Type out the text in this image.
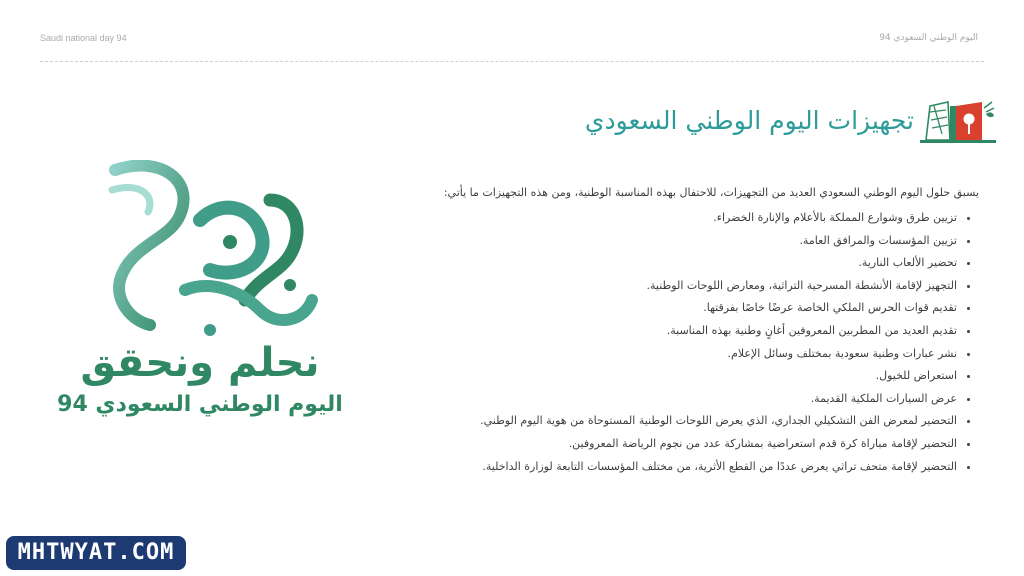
Saudi national day 94	اليوم الوطني السعودي 94
تجهيزات اليوم الوطني السعودي

يسبق حلول اليوم الوطني السعودي العديد من التجهيزات، للاحتفال بهذه المناسبة الوطنية، ومن هذه التجهيزات ما يأتي:

• تزيين طرق وشوارع المملكة بالأعلام والإنارة الخضراء.
• تزيين المؤسسات والمرافق العامة.
• تحضير الألعاب النارية.
• التجهيز لإقامة الأنشطة المسرحية التراثية، ومعارض اللوحات الوطنية.
• تقديم قوات الحرس الملكي الخاصة عرضًا خاصًا بفرقتها.
• تقديم العديد من المطربين المعروفين أغانٍ وطنية بهذه المناسبة.
• نشر عبارات وطنية سعودية بمختلف وسائل الإعلام.
• استعراض للخيول.
• عرض السيارات الملكية القديمة.
• التحضير لمعرض الفن التشكيلي الجداري، الذي يعرض اللوحات الوطنية المستوحاة من هوية اليوم الوطني.
• التحضير لإقامة مباراة كرة قدم استعراضية بمشاركة عدد من نجوم الرياضة المعروفين.
• التحضير لإقامة متحف تراثي يعرض عددًا من القطع الأثرية، من مختلف المؤسسات التابعة لوزارة الداخلية.
نحلم ونحقق
اليوم الوطني السعودي 94
MHTWYAT.COM
